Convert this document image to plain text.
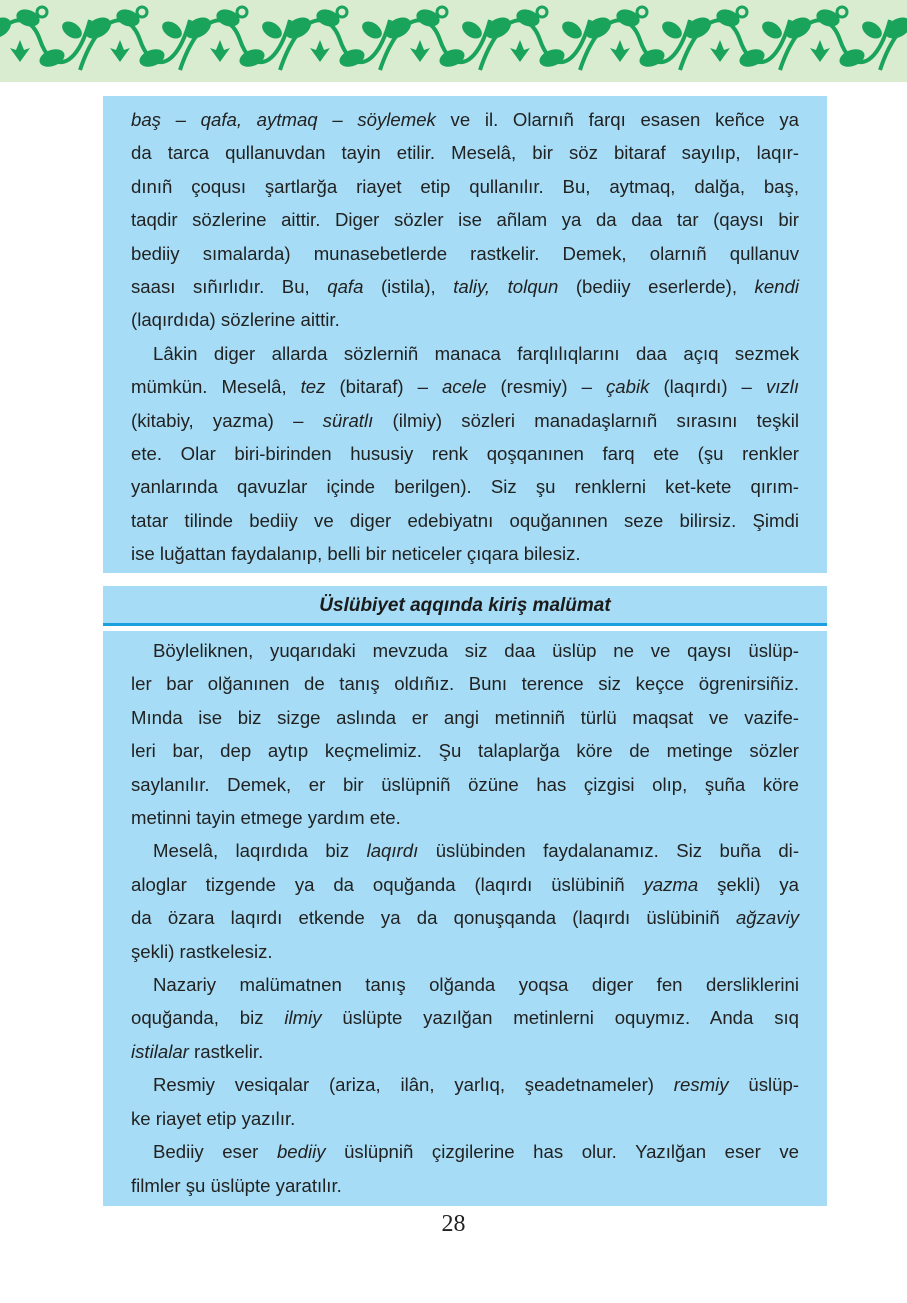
baş – qafa, aytmaq – söylemek ve il. Olarnıñ farqı esasen keñce ya
da tarca qullanuvdan tayin etilir. Meselâ, bir söz bitaraf sayılıp, laqır-
dınıñ çoqusı şartlarğa riayet etip qullanılır. Bu, aytmaq, dalğa, baş,
taqdir sözlerine aittir. Diger sözler ise añlam ya da daa tar (qaysı bir
bediiy sımalarda) munasebetlerde rastkelir. Demek, olarnıñ qullanuv
saası sıñırlıdır. Bu, qafa (istila), taliy, tolqun (bediiy eserlerde), kendi
(laqırdıda) sözlerine aittir.

Lâkin diger allarda sözlerniñ manaca farqlılıqlarını daa açıq sezmek
mümkün. Meselâ, tez (bitaraf) – acele (resmiy) – çabik (laqırdı) – vızlı
(kitabiy, yazma) – süratlı (ilmiy) sözleri manadaşlarnıñ sırasını teşkil
ete. Olar biri-birinden hususiy renk qoşqanınen farq ete (şu renkler
yanlarında qavuzlar içinde berilgen). Siz şu renklerni ket-kete qırım-
tatar tilinde bediiy ve diger edebiyatnı oquğanınen seze bilirsiz. Şimdi
ise luğattan faydalanıp, belli bir neticeler çıqara bilesiz.

Üslübiyet aqqında kiriş malümat

Böyleliknen, yuqarıdaki mevzuda siz daa üslüp ne ve qaysı üslüp-
ler bar olğanınen de tanış oldıñız. Bunı terence siz keçce ögrenirsiñiz.
Mında ise biz sizge aslında er angi metinniñ türlü maqsat ve vazife-
leri bar, dep aytıp keçmelimiz. Şu talaplarğa köre de metinge sözler
saylanılır. Demek, er bir üslüpniñ özüne has çizgisi olıp, şuña köre
metinni tayin etmege yardım ete.

Meselâ, laqırdıda biz laqırdı üslübinden faydalanamız. Siz buña di-
aloglar tizgende ya da oquğanda (laqırdı üslübiniñ yazma şekli) ya
da özara laqırdı etkende ya da qonuşqanda (laqırdı üslübiniñ ağzaviy
şekli) rastkelesiz.

Nazariy malümatnen tanış olğanda yoqsa diger fen dersliklerini
oquğanda, biz ilmiy üslüpte yazılğan metinlerni oquymız. Anda sıq
istilalar rastkelir.

Resmiy vesiqalar (ariza, ilân, yarlıq, şeadetnameler) resmiy üslüp-
ke riayet etip yazılır.

Bediiy eser bediiy üslüpniñ çizgilerine has olur. Yazılğan eser ve
filmler şu üslüpte yaratılır.

28
